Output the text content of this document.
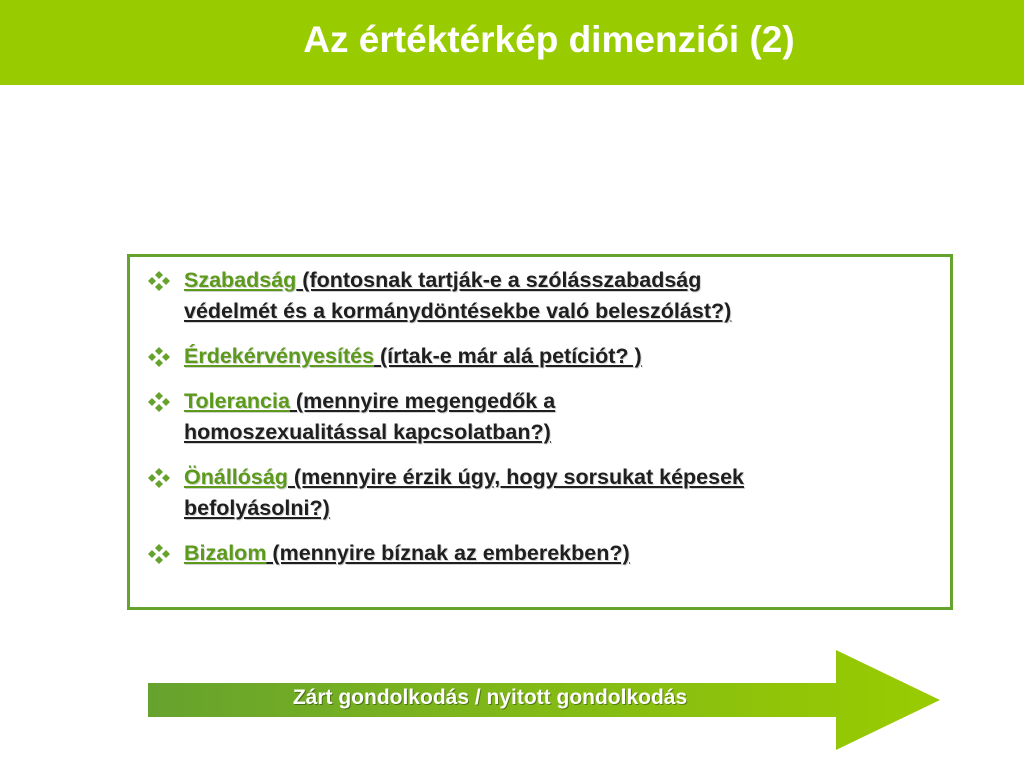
Az értéktérkép dimenziói (2)
Szabadság (fontosnak tartják-e a szólásszabadság
védelmét és a kormánydöntésekbe való beleszólást?)
Érdekérvényesítés (írtak-e már alá petíciót? )
Tolerancia (mennyire megengedők a
homoszexualitással kapcsolatban?)
Önállóság (mennyire érzik úgy, hogy sorsukat képesek
befolyásolni?)
Bizalom (mennyire bíznak az emberekben?)
Zárt gondolkodás / nyitott gondolkodás
